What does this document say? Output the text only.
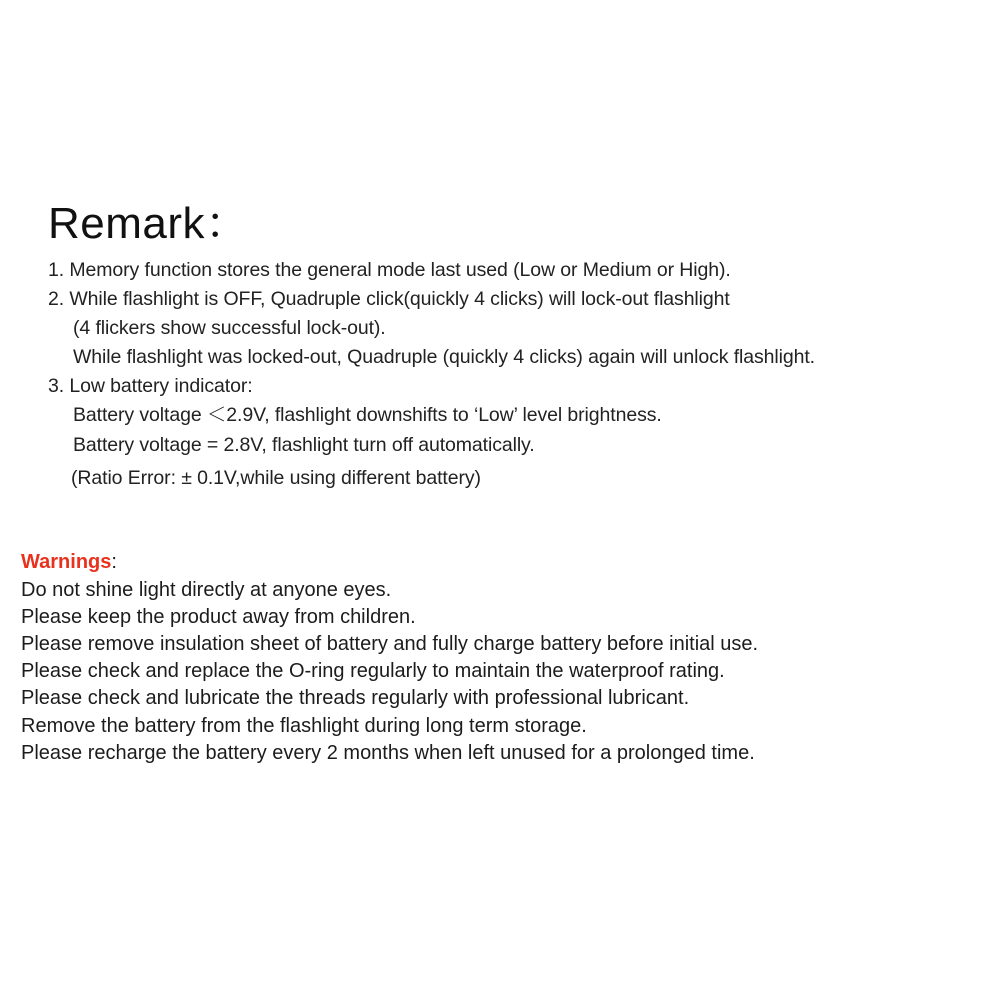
Remark：
1. Memory function stores the general mode last used (Low or Medium or High).
2. While flashlight is OFF, Quadruple click(quickly 4 clicks) will lock-out flashlight
(4 flickers show successful lock-out).
While flashlight was locked-out, Quadruple (quickly 4 clicks) again will unlock flashlight.
3. Low battery indicator:
Battery voltage ＜2.9V, flashlight downshifts to ‘Low’ level brightness.
Battery voltage = 2.8V, flashlight turn off automatically.
(Ratio Error: ± 0.1V,while using different battery)
Warnings:
Do not shine light directly at anyone eyes.
Please keep the product away from children.
Please remove insulation sheet of battery and fully charge battery before initial use.
Please check and replace the O-ring regularly to maintain the waterproof rating.
Please check and lubricate the threads regularly with professional lubricant.
Remove the battery from the flashlight during long term storage.
Please recharge the battery every 2 months when left unused for a prolonged time.
